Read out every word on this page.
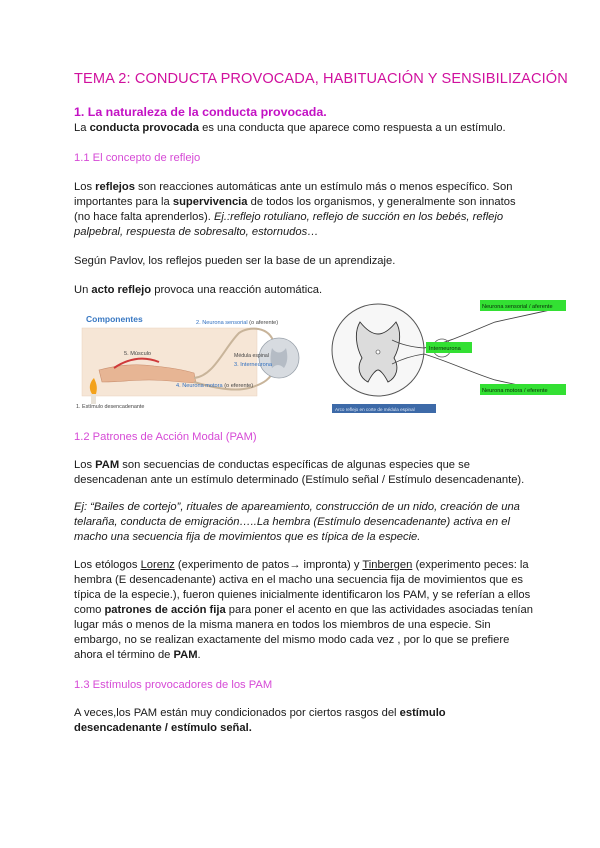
TEMA 2: CONDUCTA PROVOCADA, HABITUACIÓN Y SENSIBILIZACIÓN
1. La naturaleza de la conducta provocada.

La conducta provocada es una conducta que aparece como respuesta a un estímulo.

1.1 El concepto de reflejo

Los reflejos son reacciones automáticas ante un estímulo más o menos específico. Son importantes para la supervivencia de todos los organismos, y generalmente son innatos (no hace falta aprenderlos). Ej.:reflejo rotuliano, reflejo de succión en los bebés, reflejo palpebral, respuesta de sobresalto, estornudos…

Según Pavlov, los reflejos pueden ser la base de un aprendizaje.

Un acto reflejo provoca una reacción automática.

Componentes	2. Neurona sensorial (o aferente)
Médula espinal
3. Interneurona
4. Neurona motora (o eferente)
5. Músculo
1. Estímulo desencadenante
Neurona sensorial / aferente
Interneurona
Neurona motora / eferente
Arco reflejo en corte de médula espinal
1.2 Patrones de Acción Modal (PAM)

Los PAM son secuencias de conductas específicas de algunas especies que se desencadenan ante un estímulo determinado (Estímulo señal / Estímulo desencadenante).

Ej: “Bailes de cortejo”, rituales de apareamiento, construcción de un nido, creación de una telaraña, conducta de emigración…..La hembra (Estímulo desencadenante) activa en el macho una secuencia fija de movimientos que es típica de la especie.

Los etólogos Lorenz (experimento de patos→ impronta) y Tinbergen (experimento peces: la hembra (E desencadenante) activa en el macho una secuencia fija de movimientos que es típica de la especie.), fueron quienes inicialmente identificaron los PAM, y se referían a ellos como patrones de acción fija para poner el acento en que las actividades asociadas tenían lugar más o menos de la misma manera en todos los miembros de una especie. Sin embargo, no se realizan exactamente del mismo modo cada vez , por lo que se prefiere ahora el término de PAM.

1.3 Estímulos provocadores de los PAM

A veces,los PAM están muy condicionados por ciertos rasgos del estímulo desencadenante / estímulo señal.
